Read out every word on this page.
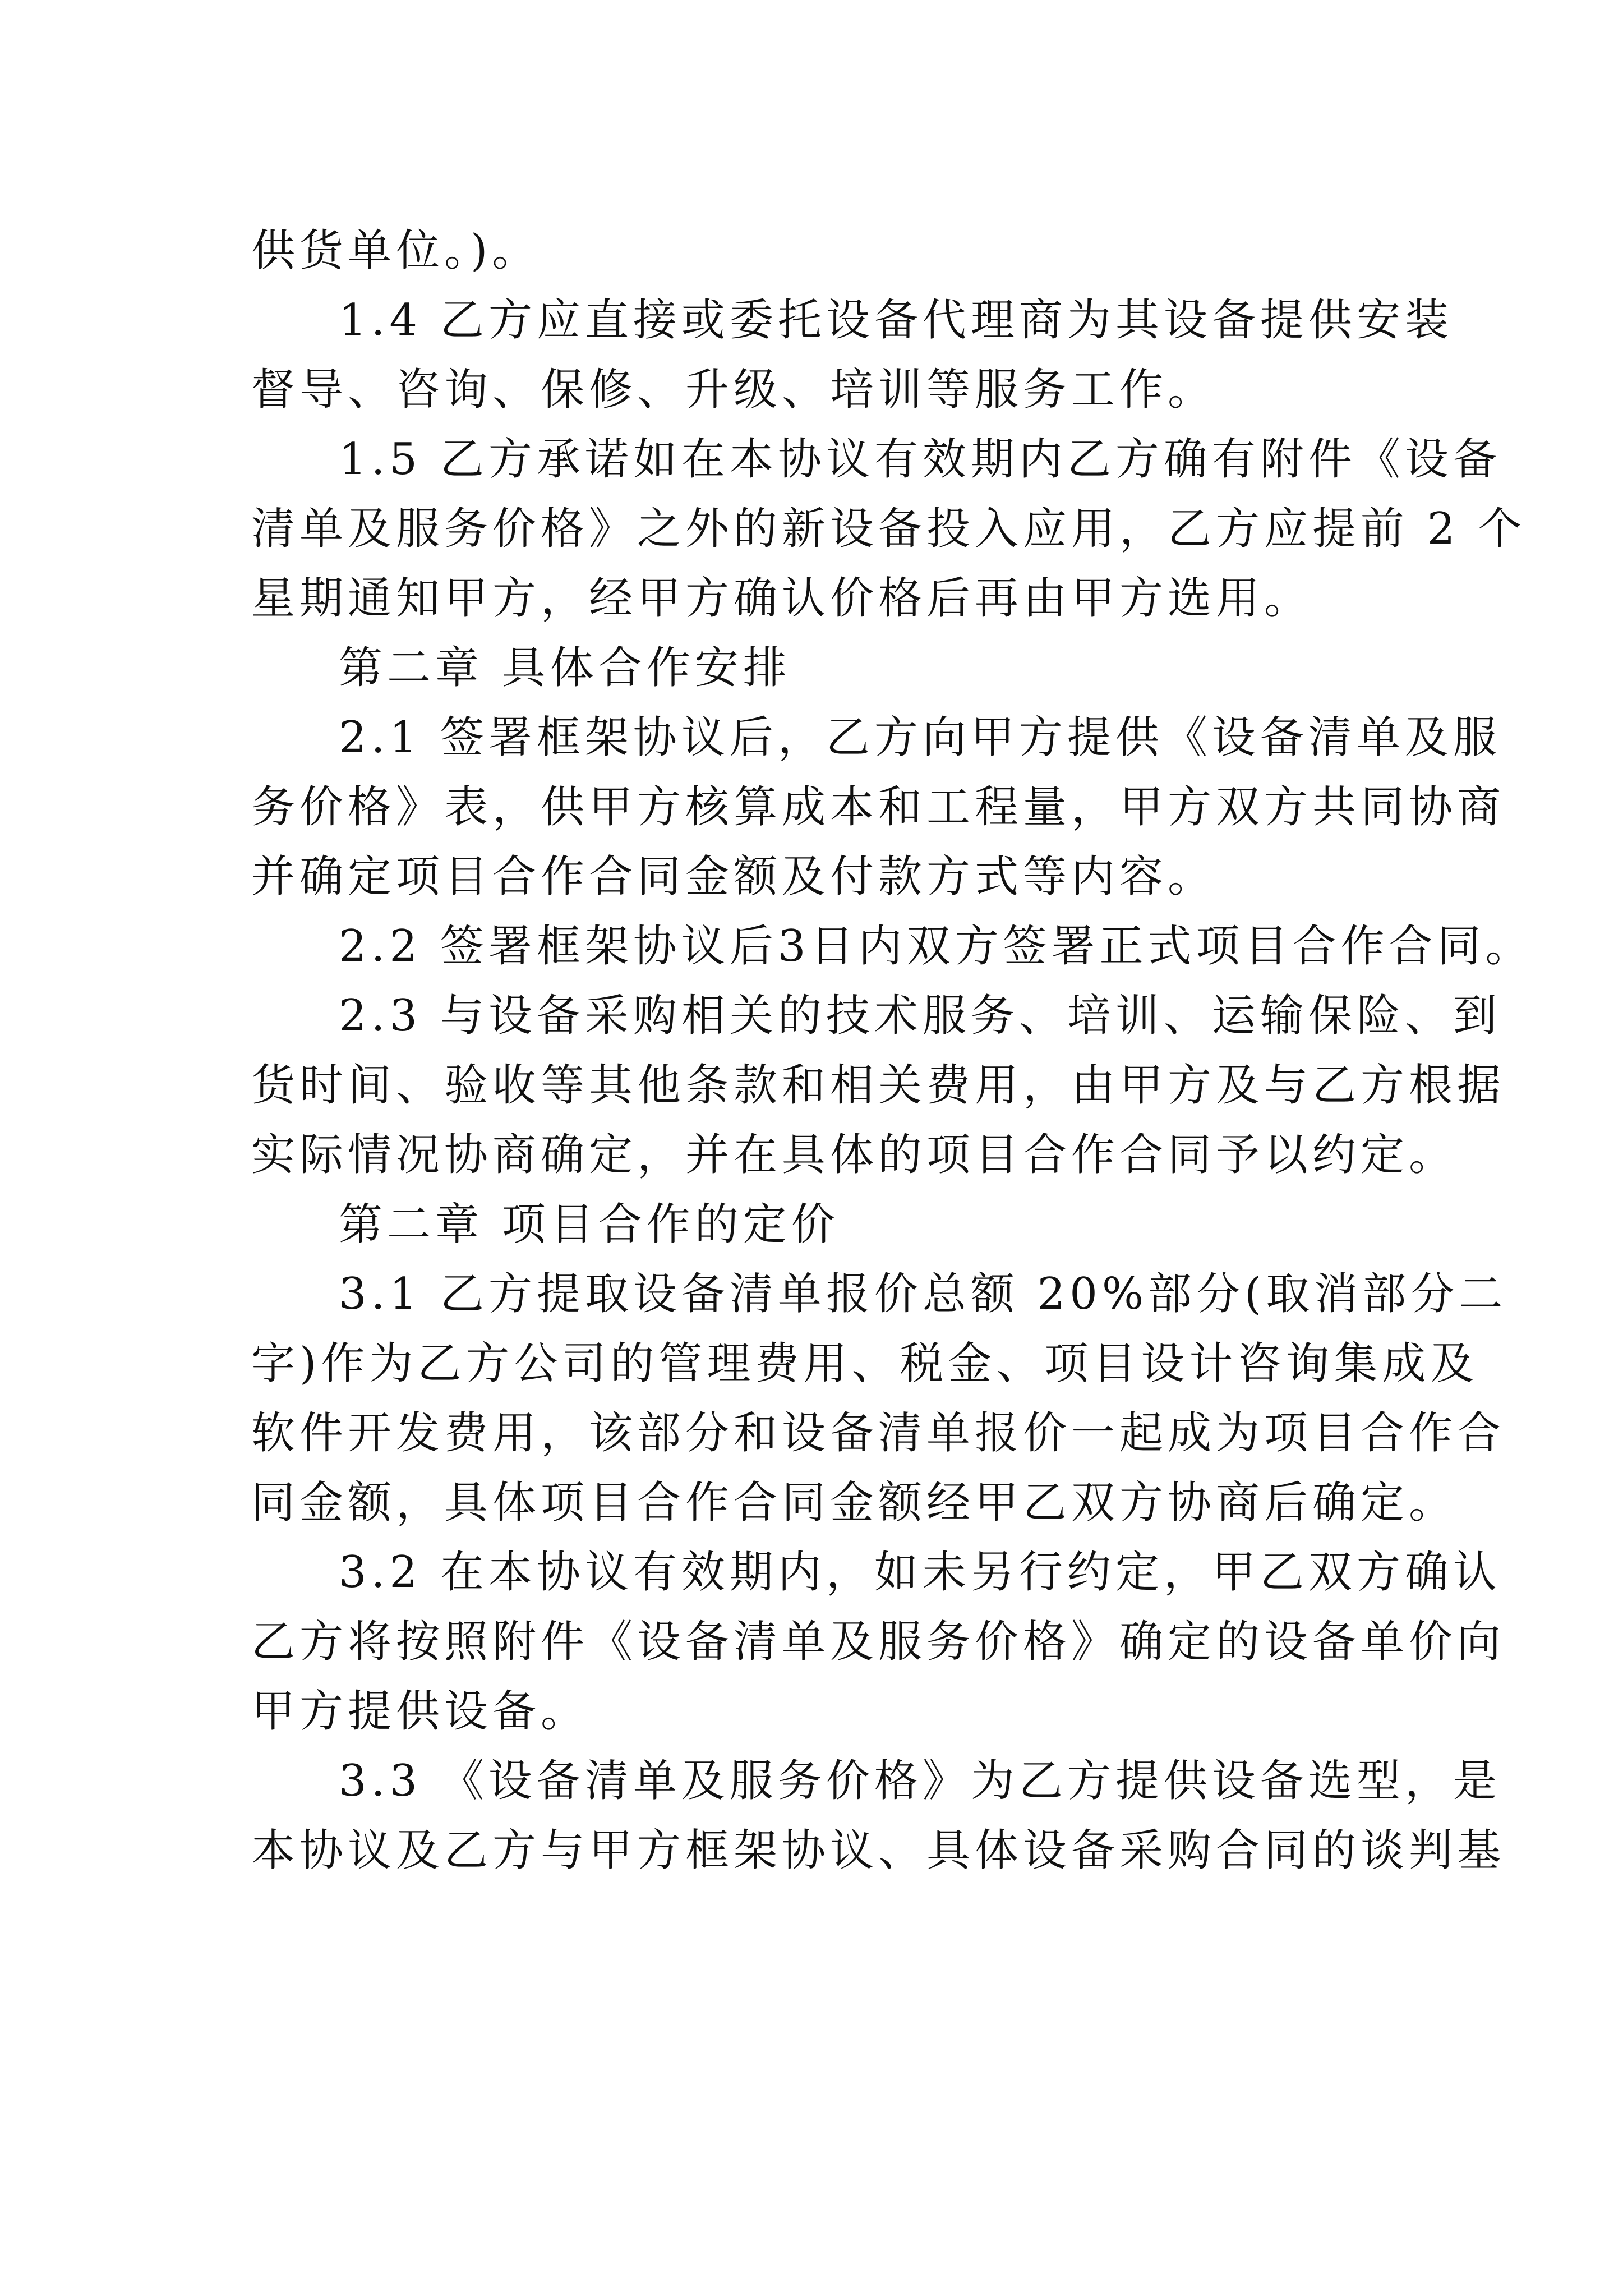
供货单位。)。
1.4 乙方应直接或委托设备代理商为其设备提供安装
督导、咨询、保修、升级、培训等服务工作。
1.5 乙方承诺如在本协议有效期内乙方确有附件《设备
清单及服务价格》之外的新设备投入应用，乙方应提前 2 个
星期通知甲方，经甲方确认价格后再由甲方选用。
第二章 具体合作安排
2.1 签署框架协议后，乙方向甲方提供《设备清单及服
务价格》表，供甲方核算成本和工程量，甲方双方共同协商
并确定项目合作合同金额及付款方式等内容。
2.2 签署框架协议后3日内双方签署正式项目合作合同。
2.3 与设备采购相关的技术服务、培训、运输保险、到
货时间、验收等其他条款和相关费用，由甲方及与乙方根据
实际情况协商确定，并在具体的项目合作合同予以约定。
第二章 项目合作的定价
3.1 乙方提取设备清单报价总额 20%部分(取消部分二
字)作为乙方公司的管理费用、税金、项目设计咨询集成及
软件开发费用，该部分和设备清单报价一起成为项目合作合
同金额，具体项目合作合同金额经甲乙双方协商后确定。
3.2 在本协议有效期内，如未另行约定，甲乙双方确认
乙方将按照附件《设备清单及服务价格》确定的设备单价向
甲方提供设备。
3.3 《设备清单及服务价格》为乙方提供设备选型，是
本协议及乙方与甲方框架协议、具体设备采购合同的谈判基
